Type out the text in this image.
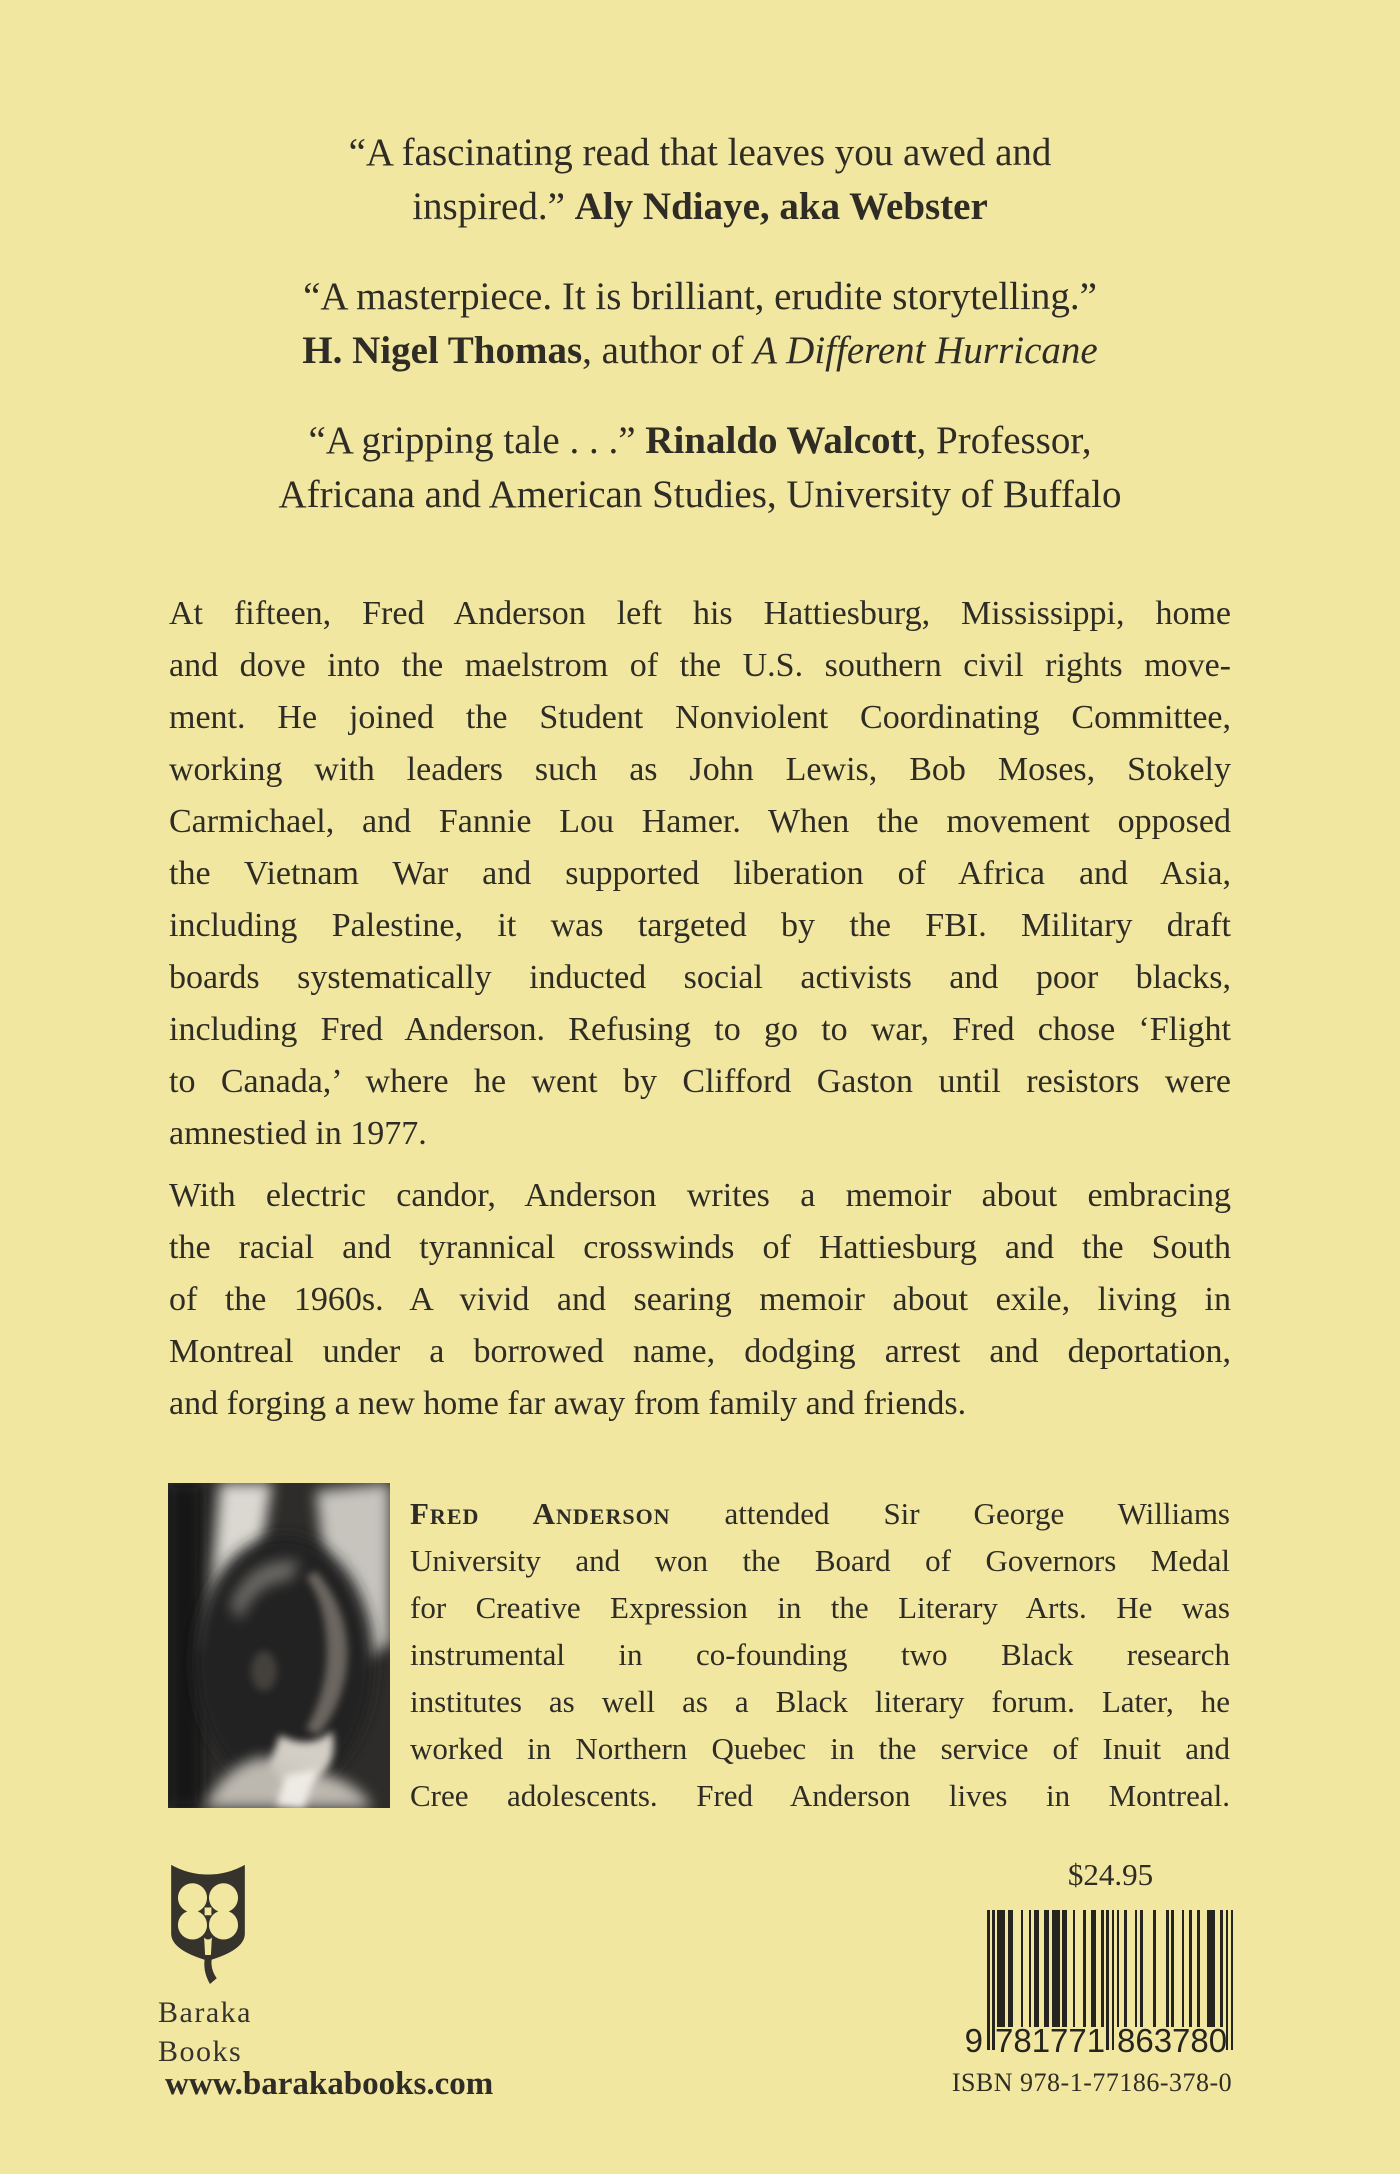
“A fascinating read that leaves you awed and
inspired.” Aly Ndiaye, aka Webster
“A masterpiece. It is brilliant, erudite storytelling.”
H. Nigel Thomas, author of A Different Hurricane
“A gripping tale . . .” Rinaldo Walcott, Professor,
Africana and American Studies, University of Buffalo
At fifteen, Fred Anderson left his Hattiesburg, Mississippi, home
and dove into the maelstrom of the U.S. southern civil rights move-
ment. He joined the Student Nonviolent Coordinating Committee,
working with leaders such as John Lewis, Bob Moses, Stokely
Carmichael, and Fannie Lou Hamer. When the movement opposed
the Vietnam War and supported liberation of Africa and Asia,
including Palestine, it was targeted by the FBI. Military draft
boards systematically inducted social activists and poor blacks,
including Fred Anderson. Refusing to go to war, Fred chose ‘Flight
to Canada,’ where he went by Clifford Gaston until resistors were
amnestied in 1977.
With electric candor, Anderson writes a memoir about embracing
the racial and tyrannical crosswinds of Hattiesburg and the South
of the 1960s. A vivid and searing memoir about exile, living in
Montreal under a borrowed name, dodging arrest and deportation,
and forging a new home far away from family and friends.
Fred Anderson attended Sir George Williams
University and won the Board of Governors Medal
for Creative Expression in the Literary Arts. He was
instrumental in co-founding two Black research
institutes as well as a Black literary forum. Later, he
worked in Northern Quebec in the service of Inuit and
Cree adolescents. Fred Anderson lives in Montreal.
Baraka
Books
www.barakabooks.com
$24.95
9 781771 863780
ISBN 978-1-77186-378-0
